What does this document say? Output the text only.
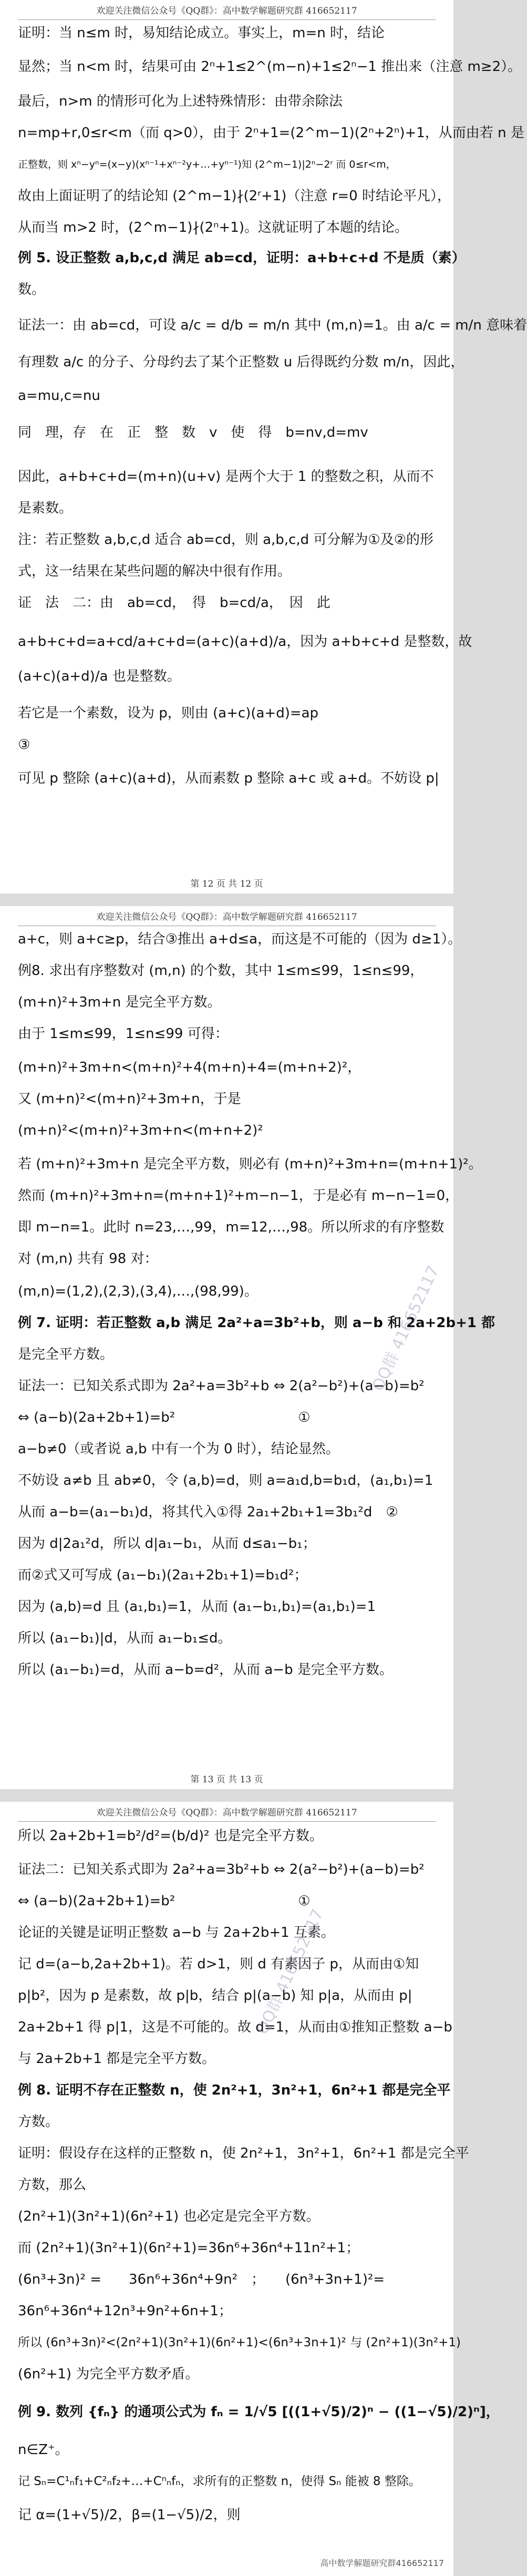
欢迎关注微信公众号《QQ群》：高中数学解题研究群 416652117
证明：当 n≤m 时，易知结论成立。事实上，m=n 时，结论
显然；当 n<m 时，结果可由 2ⁿ+1≤2^(m−n)+1≤2ⁿ−1 推出来（注意 m≥2）。
最后，n>m 的情形可化为上述特殊情形：由带余除法
n=mp+r,0≤r<m（而 q>0），由于 2ⁿ+1=(2^m−1)(2ⁿ+2ⁿ)+1，从而由若 n 是
正整数，则 xⁿ−yⁿ=(x−y)(xⁿ⁻¹+xⁿ⁻²y+…+yⁿ⁻¹)知 (2^m−1)|2ⁿ−2ʳ 而 0≤r<m，
故由上面证明了的结论知 (2^m−1)∤(2ʳ+1)（注意 r=0 时结论平凡），
从而当 m>2 时，(2^m−1)∤(2ⁿ+1)。这就证明了本题的结论。
例 5. 设正整数 a,b,c,d 满足 ab=cd，证明：a+b+c+d 不是质（素）
数。
证法一：由 ab=cd，可设 a/c = d/b = m/n 其中 (m,n)=1。由 a/c = m/n 意味着
有理数 a/c 的分子、分母约去了某个正整数 u 后得既约分数 m/n，因此，
a=mu,c=nu
同　理，存　在　正　整　数　v　使　得　b=nv,d=mv
因此，a+b+c+d=(m+n)(u+v) 是两个大于 1 的整数之积，从而不
是素数。
注：若正整数 a,b,c,d 适合 ab=cd，则 a,b,c,d 可分解为①及②的形
式，这一结果在某些问题的解决中很有作用。
证　法　二：由　ab=cd，　得　b=cd/a，　因　此
a+b+c+d=a+cd/a+c+d=(a+c)(a+d)/a，因为 a+b+c+d 是整数，故
(a+c)(a+d)/a 也是整数。
若它是一个素数，设为 p，则由 (a+c)(a+d)=ap
③
可见 p 整除 (a+c)(a+d)，从而素数 p 整除 a+c 或 a+d。不妨设 p|
第 12 页 共 12 页
欢迎关注微信公众号《QQ群》：高中数学解题研究群 416652117
a+c，则 a+c≥p，结合③推出 a+d≤a，而这是不可能的（因为 d≥1）。
例8. 求出有序整数对 (m,n) 的个数，其中 1≤m≤99，1≤n≤99，
(m+n)²+3m+n 是完全平方数。
由于 1≤m≤99，1≤n≤99 可得：
(m+n)²+3m+n<(m+n)²+4(m+n)+4=(m+n+2)²，
又 (m+n)²<(m+n)²+3m+n，于是
(m+n)²<(m+n)²+3m+n<(m+n+2)²
若 (m+n)²+3m+n 是完全平方数，则必有 (m+n)²+3m+n=(m+n+1)²。
然而 (m+n)²+3m+n=(m+n+1)²+m−n−1，于是必有 m−n−1=0，
即 m−n=1。此时 n=23,…,99，m=12,…,98。所以所求的有序整数
对 (m,n) 共有 98 对：
(m,n)=(1,2),(2,3),(3,4),…,(98,99)。
例 7. 证明：若正整数 a,b 满足 2a²+a=3b²+b，则 a−b 和 2a+2b+1 都
是完全平方数。
证法一：已知关系式即为 2a²+a=3b²+b ⇔ 2(a²−b²)+(a−b)=b²
⇔ (a−b)(2a+2b+1)=b²　　　　　　　　　①
a−b≠0（或者说 a,b 中有一个为 0 时），结论显然。
不妨设 a≠b 且 ab≠0，令 (a,b)=d，则 a=a₁d,b=b₁d，(a₁,b₁)=1
从而 a−b=(a₁−b₁)d，将其代入①得 2a₁+2b₁+1=3b₁²d　②
因为 d|2a₁²d，所以 d|a₁−b₁，从而 d≤a₁−b₁；
而②式又可写成 (a₁−b₁)(2a₁+2b₁+1)=b₁d²；
因为 (a,b)=d 且 (a₁,b₁)=1，从而 (a₁−b₁,b₁)=(a₁,b₁)=1
所以 (a₁−b₁)|d，从而 a₁−b₁≤d。
所以 (a₁−b₁)=d，从而 a−b=d²，从而 a−b 是完全平方数。
QQ群 416652117
第 13 页 共 13 页
欢迎关注微信公众号《QQ群》：高中数学解题研究群 416652117
所以 2a+2b+1=b²/d²=(b/d)² 也是完全平方数。
证法二：已知关系式即为 2a²+a=3b²+b ⇔ 2(a²−b²)+(a−b)=b²
⇔ (a−b)(2a+2b+1)=b²　　　　　　　　　①
论证的关键是证明正整数 a−b 与 2a+2b+1 互素。
记 d=(a−b,2a+2b+1)。若 d>1，则 d 有素因子 p，从而由①知
p|b²，因为 p 是素数，故 p|b，结合 p|(a−b) 知 p|a，从而由 p|
2a+2b+1 得 p|1，这是不可能的。故 d=1，从而由①推知正整数 a−b
与 2a+2b+1 都是完全平方数。
例 8. 证明不存在正整数 n，使 2n²+1，3n²+1，6n²+1 都是完全平
方数。
证明：假设存在这样的正整数 n，使 2n²+1，3n²+1，6n²+1 都是完全平
方数，那么
(2n²+1)(3n²+1)(6n²+1) 也必定是完全平方数。
而 (2n²+1)(3n²+1)(6n²+1)=36n⁶+36n⁴+11n²+1；
(6n³+3n)² =　　36n⁶+36n⁴+9n²　；　　(6n³+3n+1)²=
36n⁶+36n⁴+12n³+9n²+6n+1；
所以 (6n³+3n)²<(2n²+1)(3n²+1)(6n²+1)<(6n³+3n+1)² 与 (2n²+1)(3n²+1)
(6n²+1) 为完全平方数矛盾。
例 9. 数列 {fₙ} 的通项公式为 fₙ = 1/√5 [((1+√5)/2)ⁿ − ((1−√5)/2)ⁿ]，
n∈Z⁺。
记 Sₙ=C¹ₙf₁+C²ₙf₂+…+Cⁿₙfₙ，求所有的正整数 n，使得 Sₙ 能被 8 整除。
记 α=(1+√5)/2，β=(1−√5)/2，则
QQ群 416652117
高中数学解题研究群416652117
